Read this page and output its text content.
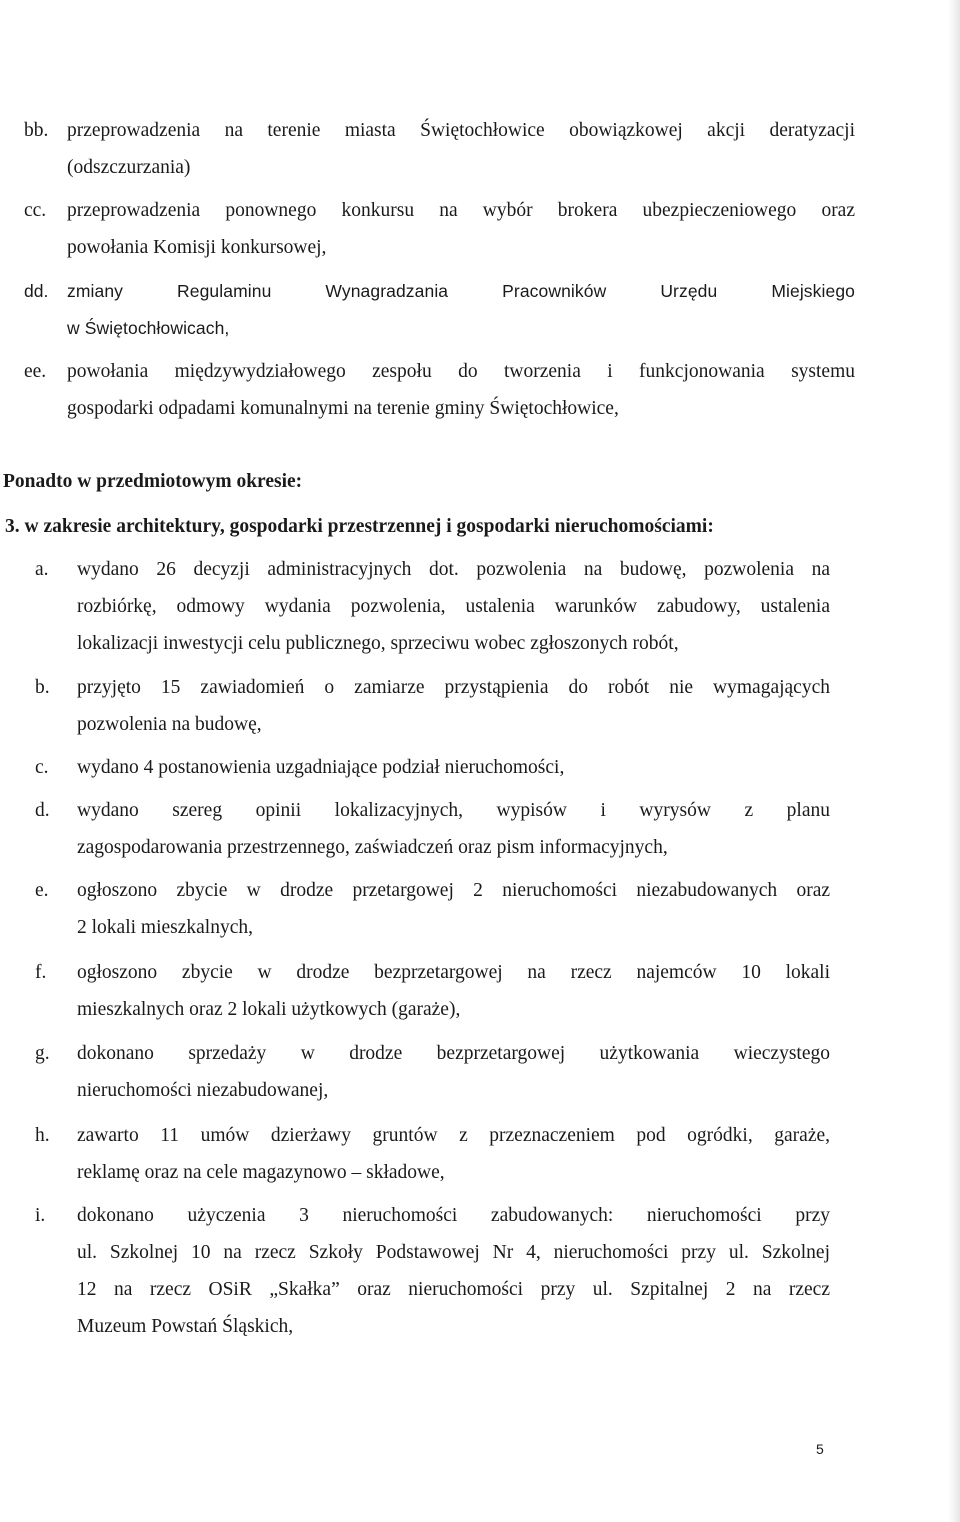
bb. przeprowadzenia na terenie miasta Świętochłowice obowiązkowej akcji deratyzacji
(odszczurzania)
cc. przeprowadzenia ponownego konkursu na wybór brokera ubezpieczeniowego oraz
powołania Komisji konkursowej,
dd. zmiany Regulaminu Wynagradzania Pracowników Urzędu Miejskiego
w Świętochłowicach,
ee. powołania międzywydziałowego zespołu do tworzenia i funkcjonowania systemu
gospodarki odpadami komunalnymi na terenie gminy Świętochłowice,
Ponadto w przedmiotowym okresie:
3. w zakresie architektury, gospodarki przestrzennej i gospodarki nieruchomościami:
a. wydano 26 decyzji administracyjnych dot. pozwolenia na budowę, pozwolenia na
rozbiórkę, odmowy wydania pozwolenia, ustalenia warunków zabudowy, ustalenia
lokalizacji inwestycji celu publicznego, sprzeciwu wobec zgłoszonych robót,
b. przyjęto 15 zawiadomień o zamiarze przystąpienia do robót nie wymagających
pozwolenia na budowę,
c. wydano 4 postanowienia uzgadniające podział nieruchomości,
d. wydano szereg opinii lokalizacyjnych, wypisów i wyrysów z planu
zagospodarowania przestrzennego, zaświadczeń oraz pism informacyjnych,
e. ogłoszono zbycie w drodze przetargowej 2 nieruchomości niezabudowanych oraz
2 lokali mieszkalnych,
f. ogłoszono zbycie w drodze bezprzetargowej na rzecz najemców 10 lokali
mieszkalnych oraz 2 lokali użytkowych (garaże),
g. dokonano sprzedaży w drodze bezprzetargowej użytkowania wieczystego
nieruchomości niezabudowanej,
h. zawarto 11 umów dzierżawy gruntów z przeznaczeniem pod ogródki, garaże,
reklamę oraz na cele magazynowo – składowe,
i. dokonano użyczenia 3 nieruchomości zabudowanych: nieruchomości przy
ul. Szkolnej 10 na rzecz Szkoły Podstawowej Nr 4, nieruchomości przy ul. Szkolnej
12 na rzecz OSiR „Skałka” oraz nieruchomości przy ul. Szpitalnej 2 na rzecz
Muzeum Powstań Śląskich,
5
